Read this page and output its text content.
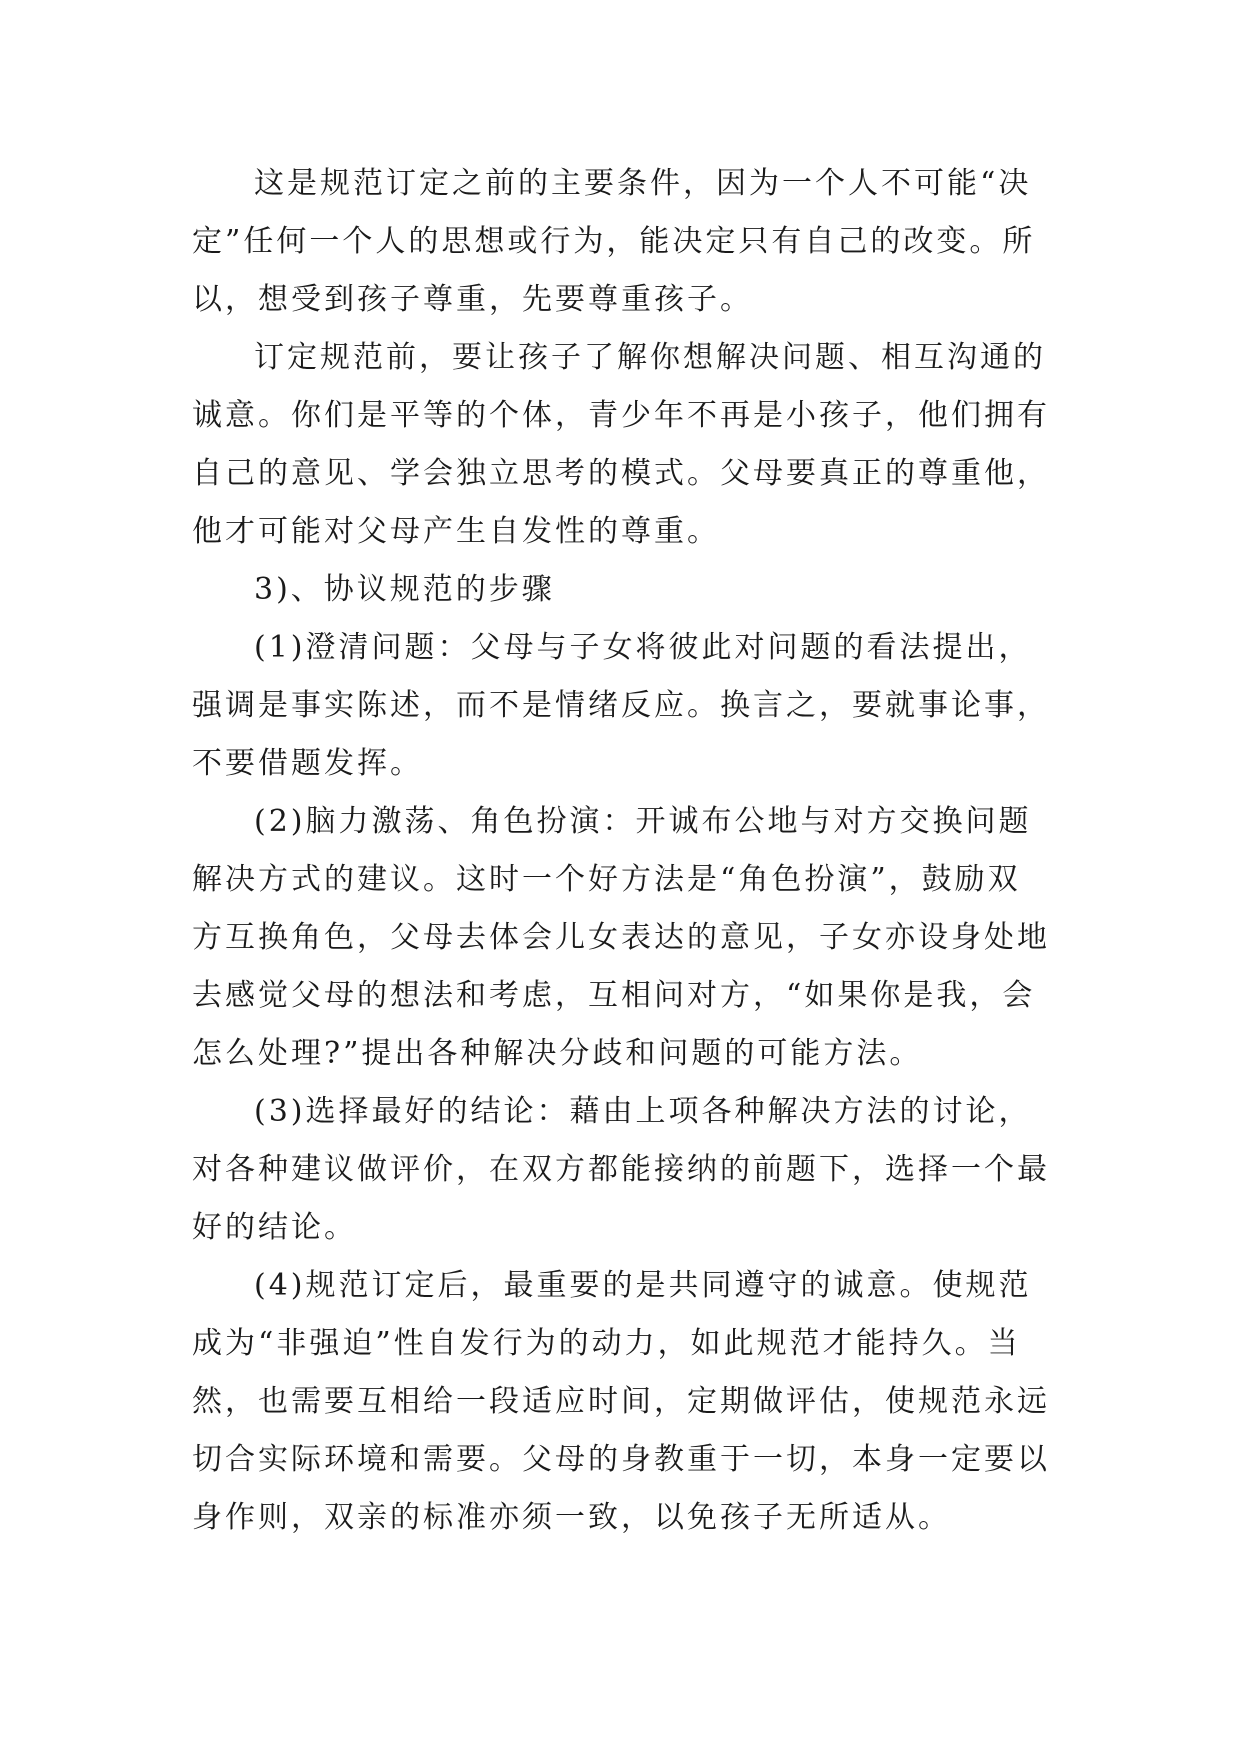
这是规范订定之前的主要条件，因为一个人不可能“决
定”任何一个人的思想或行为，能决定只有自己的改变。所
以，想受到孩子尊重，先要尊重孩子。

订定规范前，要让孩子了解你想解决问题、相互沟通的
诚意。你们是平等的个体，青少年不再是小孩子，他们拥有
自己的意见、学会独立思考的模式。父母要真正的尊重他，
他才可能对父母产生自发性的尊重。

3)、协议规范的步骤

(1)澄清问题：父母与子女将彼此对问题的看法提出，
强调是事实陈述，而不是情绪反应。换言之，要就事论事，
不要借题发挥。

(2)脑力激荡、角色扮演：开诚布公地与对方交换问题
解决方式的建议。这时一个好方法是“角色扮演”，鼓励双
方互换角色，父母去体会儿女表达的意见，子女亦设身处地
去感觉父母的想法和考虑，互相问对方，“如果你是我，会
怎么处理?”提出各种解决分歧和问题的可能方法。

(3)选择最好的结论：藉由上项各种解决方法的讨论，
对各种建议做评价，在双方都能接纳的前题下，选择一个最
好的结论。

(4)规范订定后，最重要的是共同遵守的诚意。使规范
成为“非强迫”性自发行为的动力，如此规范才能持久。当
然，也需要互相给一段适应时间，定期做评估，使规范永远
切合实际环境和需要。父母的身教重于一切，本身一定要以
身作则，双亲的标准亦须一致，以免孩子无所适从。
